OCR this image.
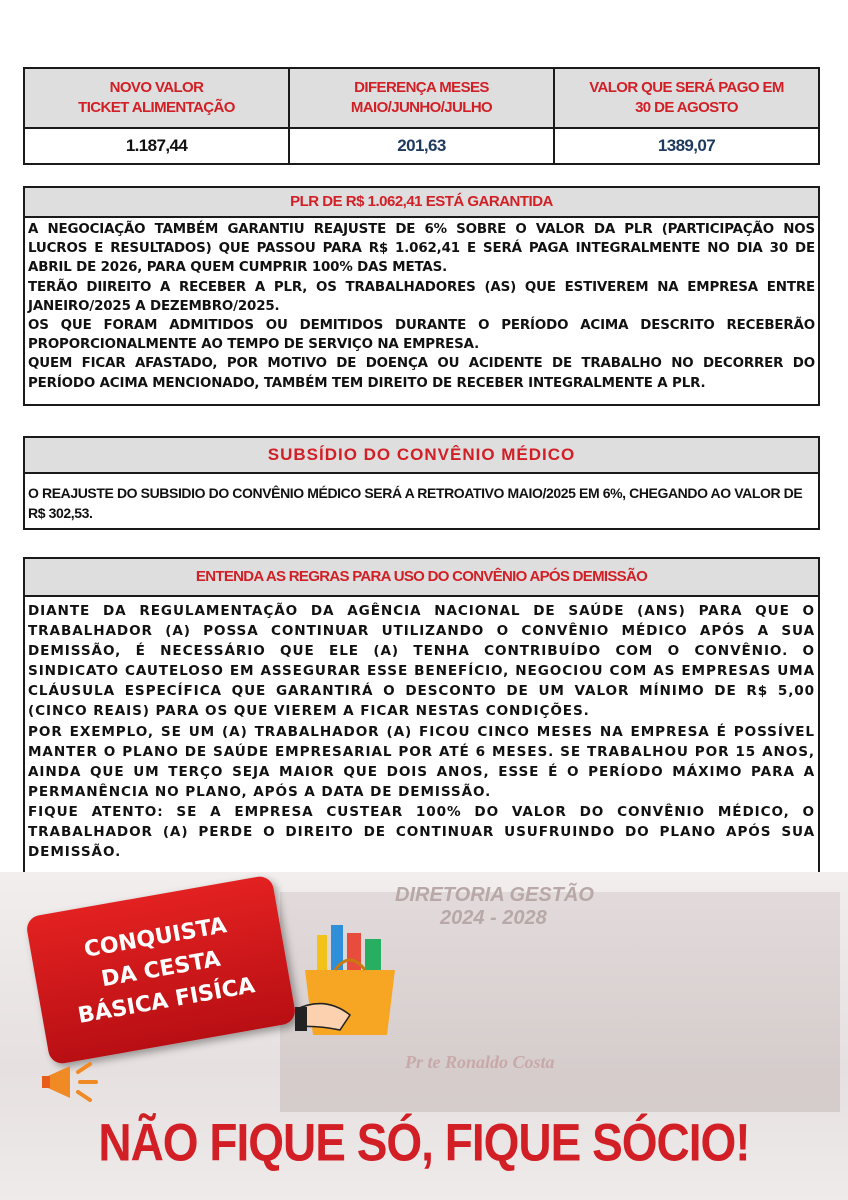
NOVO VALOR
TICKET ALIMENTAÇÃO
DIFERENÇA MESES
MAIO/JUNHO/JULHO
VALOR QUE SERÁ PAGO EM
30 DE AGOSTO
1.187,44	201,63	1389,07
PLR DE R$ 1.062,41 ESTÁ GARANTIDA

A NEGOCIAÇÃO TAMBÉM GARANTIU REAJUSTE DE 6% SOBRE O VALOR DA PLR (PARTICIPAÇÃO NOS LUCROS E RESULTADOS) QUE PASSOU PARA R$ 1.062,41 E SERÁ PAGA INTEGRALMENTE NO DIA 30 DE ABRIL DE 2026, PARA QUEM CUMPRIR 100% DAS METAS.

TERÃO DIIREITO A RECEBER A PLR, OS TRABALHADORES (AS) QUE ESTIVEREM NA EMPRESA ENTRE JANEIRO/2025 A DEZEMBRO/2025.

OS QUE FORAM ADMITIDOS OU DEMITIDOS DURANTE O PERÍODO ACIMA DESCRITO RECEBERÃO PROPORCIONALMENTE AO TEMPO DE SERVIÇO NA EMPRESA.

QUEM FICAR AFASTADO, POR MOTIVO DE DOENÇA OU ACIDENTE DE TRABALHO NO DECORRER DO PERÍODO ACIMA MENCIONADO, TAMBÉM TEM DIREITO DE RECEBER INTEGRALMENTE A PLR.

SUBSÍDIO DO CONVÊNIO MÉDICO
O REAJUSTE DO SUBSIDIO DO CONVÊNIO MÉDICO SERÁ A RETROATIVO MAIO/2025 EM 6%, CHEGANDO AO VALOR DE R$ 302,53.
ENTENDA AS REGRAS PARA USO DO CONVÊNIO APÓS DEMISSÃO

DIANTE DA REGULAMENTAÇÃO DA AGÊNCIA NACIONAL DE SAÚDE (ANS) PARA QUE O TRABALHADOR (A) POSSA CONTINUAR UTILIZANDO O CONVÊNIO MÉDICO APÓS A SUA DEMISSÃO, É NECESSÁRIO QUE ELE (A) TENHA CONTRIBUÍDO COM O CONVÊNIO. O SINDICATO CAUTELOSO EM ASSEGURAR ESSE BENEFÍCIO, NEGOCIOU COM AS EMPRESAS UMA CLÁUSULA ESPECÍFICA QUE GARANTIRÁ O DESCONTO DE UM VALOR MÍNIMO DE R$ 5,00 (CINCO REAIS) PARA OS QUE VIEREM A FICAR NESTAS CONDIÇÕES.

POR EXEMPLO, SE UM (A) TRABALHADOR (A) FICOU CINCO MESES NA EMPRESA É POSSÍVEL MANTER O PLANO DE SAÚDE EMPRESARIAL POR ATÉ 6 MESES. SE TRABALHOU POR 15 ANOS, AINDA QUE UM TERÇO SEJA MAIOR QUE DOIS ANOS, ESSE É O PERÍODO MÁXIMO PARA A PERMANÊNCIA NO PLANO, APÓS A DATA DE DEMISSÃO.

FIQUE ATENTO: SE A EMPRESA CUSTEAR 100% DO VALOR DO CONVÊNIO MÉDICO, O TRABALHADOR (A) PERDE O DIREITO DE CONTINUAR USUFRUINDO DO PLANO APÓS SUA DEMISSÃO.

DIRETORIA GESTÃO
2024 - 2028
Pr te Ronaldo Costa
CONQUISTA
DA CESTA
BÁSICA FISÍCA
NÃO FIQUE SÓ, FIQUE SÓCIO!
